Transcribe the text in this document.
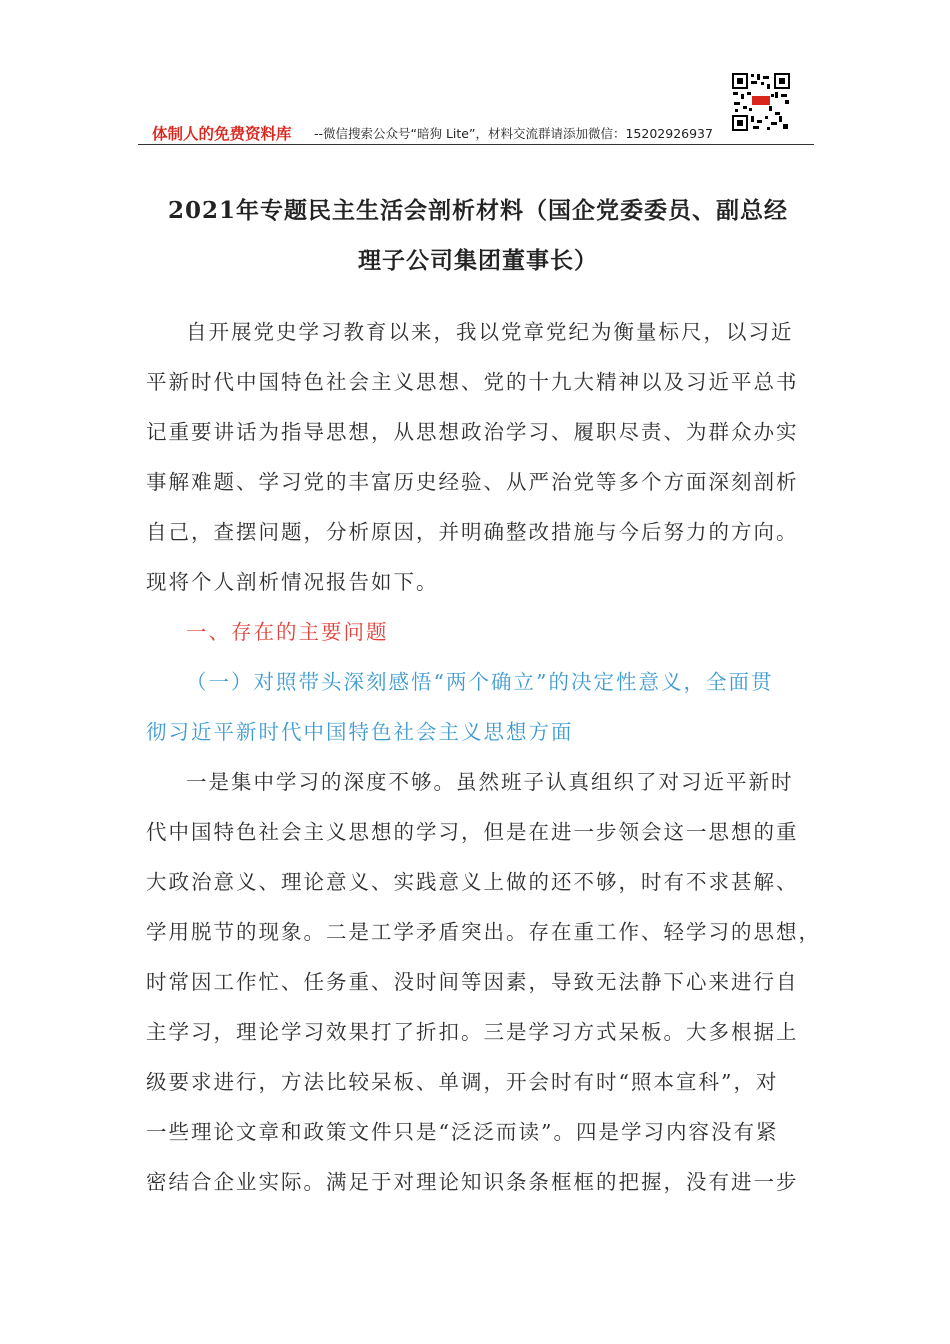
体制人的免费资料库 --微信搜索公众号“暗狗 Lite”，材料交流群请添加微信：15202926937
2021年专题民主生活会剖析材料（国企党委委员、副总经
理子公司集团董事长）
自开展党史学习教育以来，我以党章党纪为衡量标尺，以习近
平新时代中国特色社会主义思想、党的十九大精神以及习近平总书
记重要讲话为指导思想，从思想政治学习、履职尽责、为群众办实
事解难题、学习党的丰富历史经验、从严治党等多个方面深刻剖析
自己，查摆问题，分析原因，并明确整改措施与今后努力的方向。
现将个人剖析情况报告如下。
一、存在的主要问题
（一）对照带头深刻感悟“两个确立”的决定性意义，全面贯
彻习近平新时代中国特色社会主义思想方面
一是集中学习的深度不够。虽然班子认真组织了对习近平新时
代中国特色社会主义思想的学习，但是在进一步领会这一思想的重
大政治意义、理论意义、实践意义上做的还不够，时有不求甚解、
学用脱节的现象。二是工学矛盾突出。存在重工作、轻学习的思想，
时常因工作忙、任务重、没时间等因素，导致无法静下心来进行自
主学习，理论学习效果打了折扣。三是学习方式呆板。大多根据上
级要求进行，方法比较呆板、单调，开会时有时“照本宣科”，对
一些理论文章和政策文件只是“泛泛而读”。四是学习内容没有紧
密结合企业实际。满足于对理论知识条条框框的把握，没有进一步
